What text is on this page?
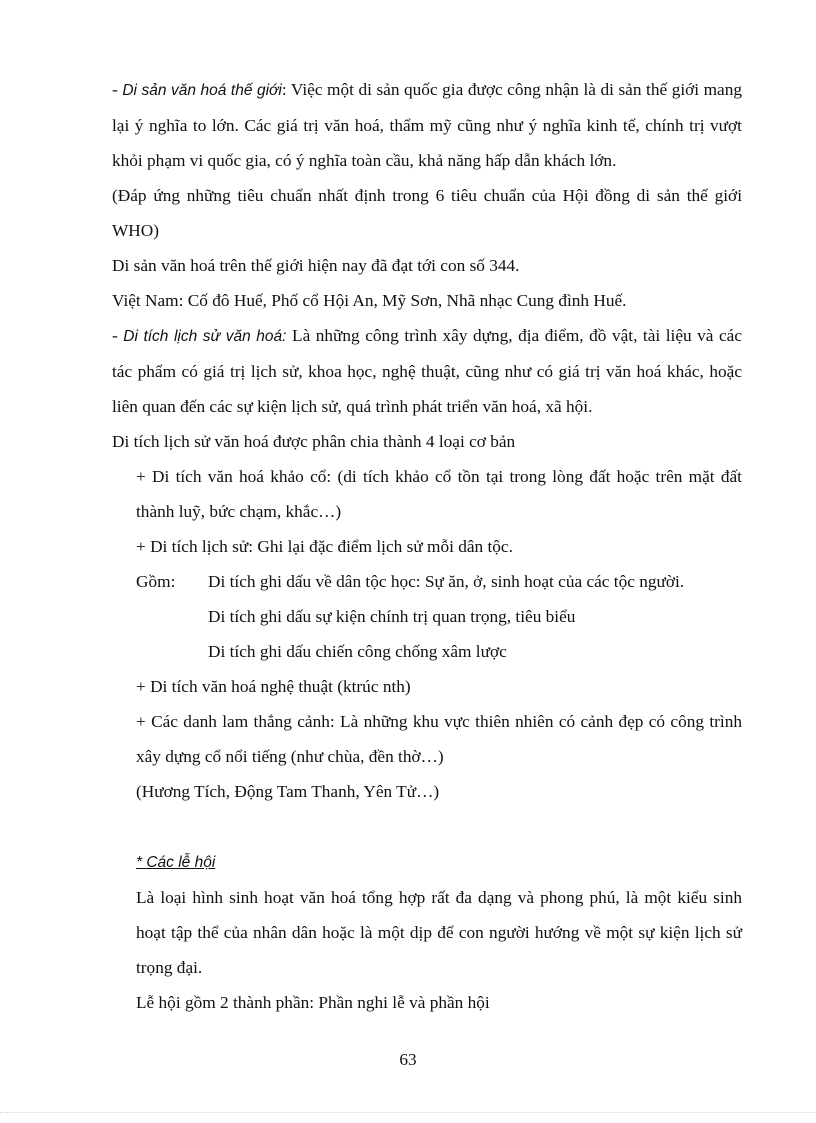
- Di sản văn hoá thế giới: Việc một di sản quốc gia được công nhận là di sản thế giới mang lại ý nghĩa to lớn. Các giá trị văn hoá, thẩm mỹ cũng như ý nghĩa kinh tế, chính trị vượt khỏi phạm vi quốc gia, có ý nghĩa toàn cầu, khả năng hấp dẫn khách lớn.

(Đáp ứng những tiêu chuẩn nhất định trong 6 tiêu chuẩn của Hội đồng di sản thế giới WHO)

Di sản văn hoá trên thế giới hiện nay đã đạt tới con số 344.

Việt Nam: Cố đô Huế, Phố cổ Hội An, Mỹ Sơn, Nhã nhạc Cung đình Huế.

- Di tích lịch sử văn hoá: Là những công trình xây dựng, địa điểm, đồ vật, tài liệu và các tác phẩm có giá trị lịch sử, khoa học, nghệ thuật, cũng như có giá trị văn hoá khác, hoặc liên quan đến các sự kiện lịch sử, quá trình phát triển văn hoá, xã hội.

Di tích lịch sử văn hoá được phân chia thành 4 loại cơ bản

+ Di tích văn hoá khảo cổ: (di tích khảo cổ tồn tại trong lòng đất hoặc trên mặt đất thành luỹ, bức chạm, khắc…)

+ Di tích lịch sử: Ghi lại đặc điểm lịch sử mỗi dân tộc.

Gồm:	Di tích ghi dấu về dân tộc học: Sự ăn, ở, sinh hoạt của các tộc người.
Di tích ghi dấu sự kiện chính trị quan trọng, tiêu biểu
Di tích ghi dấu chiến công chống xâm lược

+ Di tích văn hoá nghệ thuật (ktrúc nth)

+ Các danh lam thắng cảnh: Là những khu vực thiên nhiên có cảnh đẹp có công trình xây dựng cổ nổi tiếng (như chùa, đền thờ…)

(Hương Tích, Động Tam Thanh, Yên Tử…)

* Các lễ hội

Là loại hình sinh hoạt văn hoá tổng hợp rất đa dạng và phong phú, là một kiểu sinh hoạt tập thể của nhân dân hoặc là một dịp để con người hướng về một sự kiện lịch sử trọng đại.

Lễ hội gồm 2 thành phần: Phần nghi lễ và phần hội

63
